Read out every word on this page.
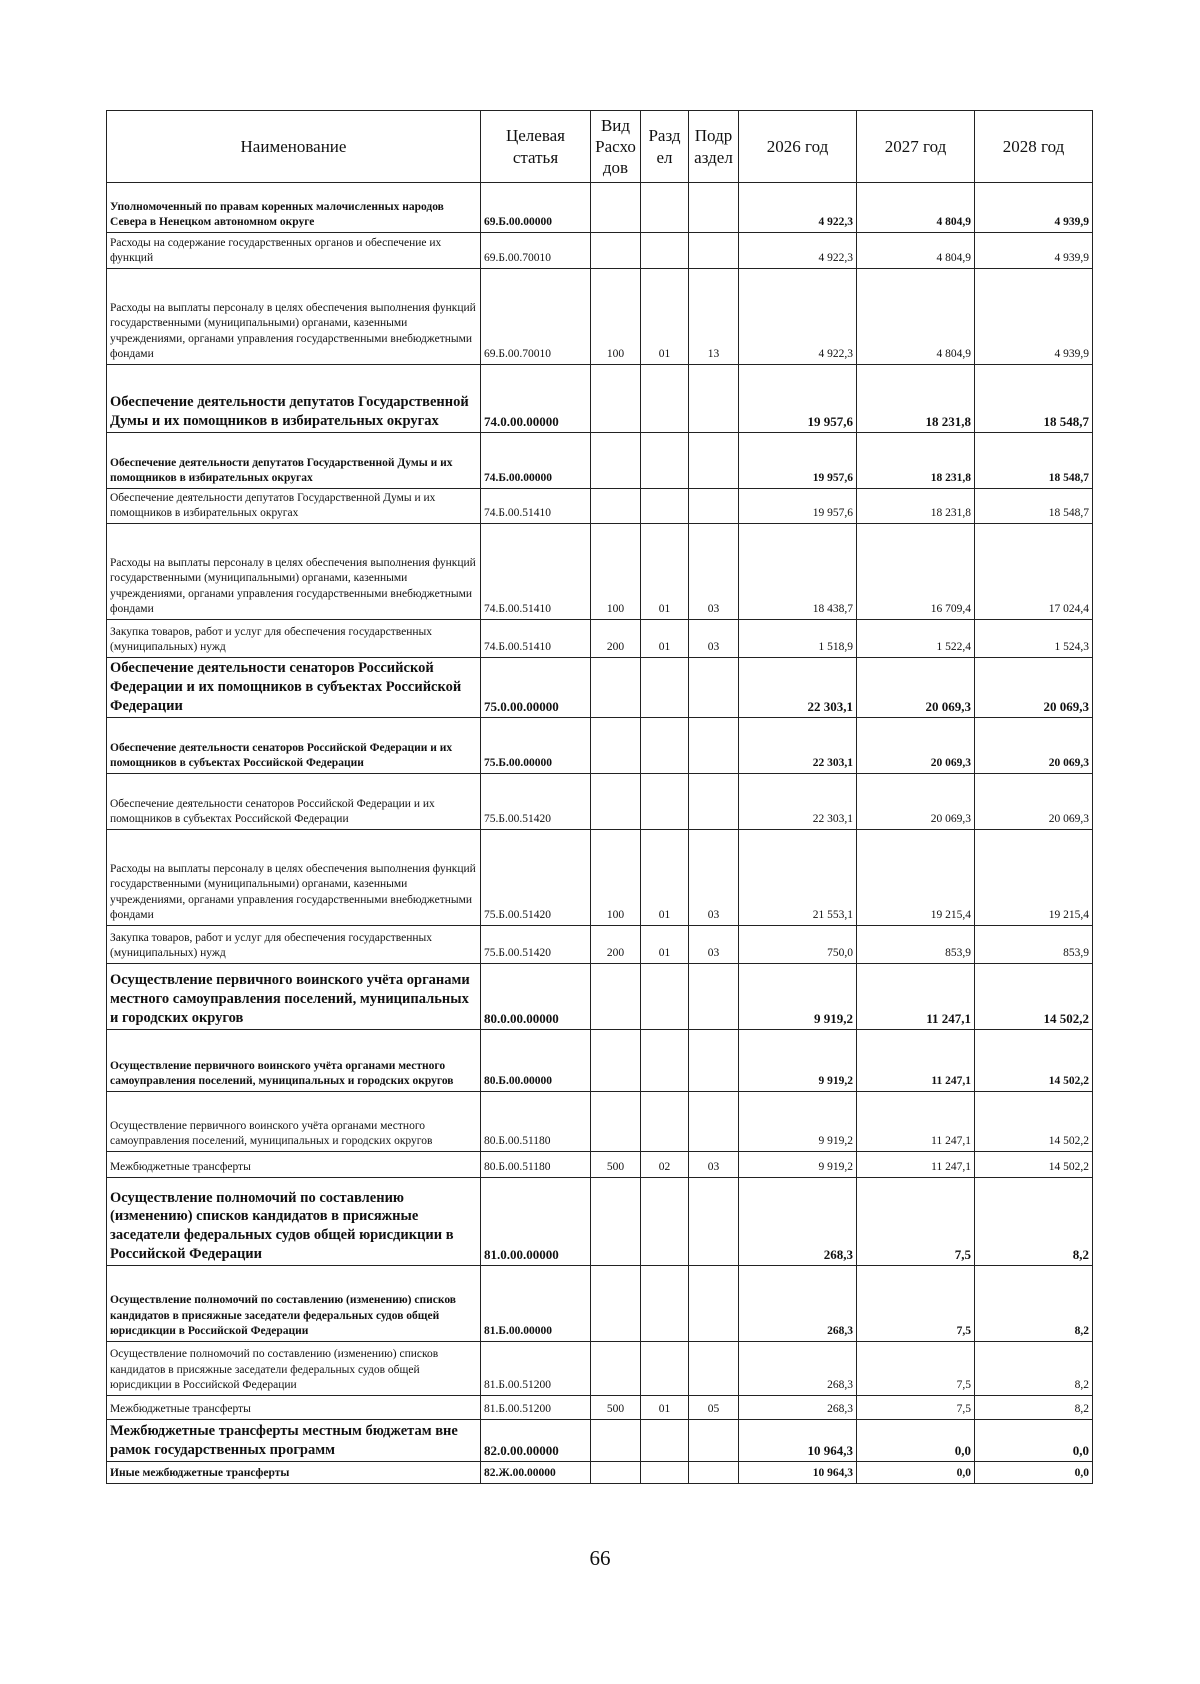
Наименование	Целевая статья	Вид Расхо дов	Разд ел	Подр аздел	2026 год	2027 год	2028 год
Уполномоченный по правам коренных малочисленных народов Севера в Ненецком автономном округе	69.Б.00.00000				4 922,3	4 804,9	4 939,9
Расходы на содержание государственных органов и обеспечение их функций	69.Б.00.70010				4 922,3	4 804,9	4 939,9
Расходы на выплаты персоналу в целях обеспечения выполнения функций государственными (муниципальными) органами, казенными учреждениями, органами управления государственными внебюджетными фондами	69.Б.00.70010	100	01	13	4 922,3	4 804,9	4 939,9
Обеспечение деятельности депутатов Государственной Думы и их помощников в избирательных округах	74.0.00.00000				19 957,6	18 231,8	18 548,7
Обеспечение деятельности депутатов Государственной Думы и их помощников в избирательных округах	74.Б.00.00000				19 957,6	18 231,8	18 548,7
Обеспечение деятельности депутатов Государственной Думы и их помощников в избирательных округах	74.Б.00.51410				19 957,6	18 231,8	18 548,7
Расходы на выплаты персоналу в целях обеспечения выполнения функций государственными (муниципальными) органами, казенными учреждениями, органами управления государственными внебюджетными фондами	74.Б.00.51410	100	01	03	18 438,7	16 709,4	17 024,4
Закупка товаров, работ и услуг для обеспечения государственных (муниципальных) нужд	74.Б.00.51410	200	01	03	1 518,9	1 522,4	1 524,3
Обеспечение деятельности сенаторов Российской Федерации и их помощников в субъектах Российской Федерации	75.0.00.00000				22 303,1	20 069,3	20 069,3
Обеспечение деятельности сенаторов Российской Федерации и их помощников в субъектах Российской Федерации	75.Б.00.00000				22 303,1	20 069,3	20 069,3
Обеспечение деятельности сенаторов Российской Федерации и их помощников в субъектах Российской Федерации	75.Б.00.51420				22 303,1	20 069,3	20 069,3
Расходы на выплаты персоналу в целях обеспечения выполнения функций государственными (муниципальными) органами, казенными учреждениями, органами управления государственными внебюджетными фондами	75.Б.00.51420	100	01	03	21 553,1	19 215,4	19 215,4
Закупка товаров, работ и услуг для обеспечения государственных (муниципальных) нужд	75.Б.00.51420	200	01	03	750,0	853,9	853,9
Осуществление первичного воинского учёта органами местного самоуправления поселений, муниципальных и городских округов	80.0.00.00000				9 919,2	11 247,1	14 502,2
Осуществление первичного воинского учёта органами местного самоуправления поселений, муниципальных и городских округов	80.Б.00.00000				9 919,2	11 247,1	14 502,2
Осуществление первичного воинского учёта органами местного самоуправления поселений, муниципальных и городских округов	80.Б.00.51180				9 919,2	11 247,1	14 502,2
Межбюджетные трансферты	80.Б.00.51180	500	02	03	9 919,2	11 247,1	14 502,2
Осуществление полномочий по составлению (изменению) списков кандидатов в присяжные заседатели федеральных судов общей юрисдикции в Российской Федерации	81.0.00.00000				268,3	7,5	8,2
Осуществление полномочий по составлению (изменению) списков кандидатов в присяжные заседатели федеральных судов общей юрисдикции в Российской Федерации	81.Б.00.00000				268,3	7,5	8,2
Осуществление полномочий по составлению (изменению) списков кандидатов в присяжные заседатели федеральных судов общей юрисдикции в Российской Федерации	81.Б.00.51200				268,3	7,5	8,2
Межбюджетные трансферты	81.Б.00.51200	500	01	05	268,3	7,5	8,2
Межбюджетные трансферты местным бюджетам вне рамок государственных программ	82.0.00.00000				10 964,3	0,0	0,0
Иные межбюджетные трансферты	82.Ж.00.00000				10 964,3	0,0	0,0
66
